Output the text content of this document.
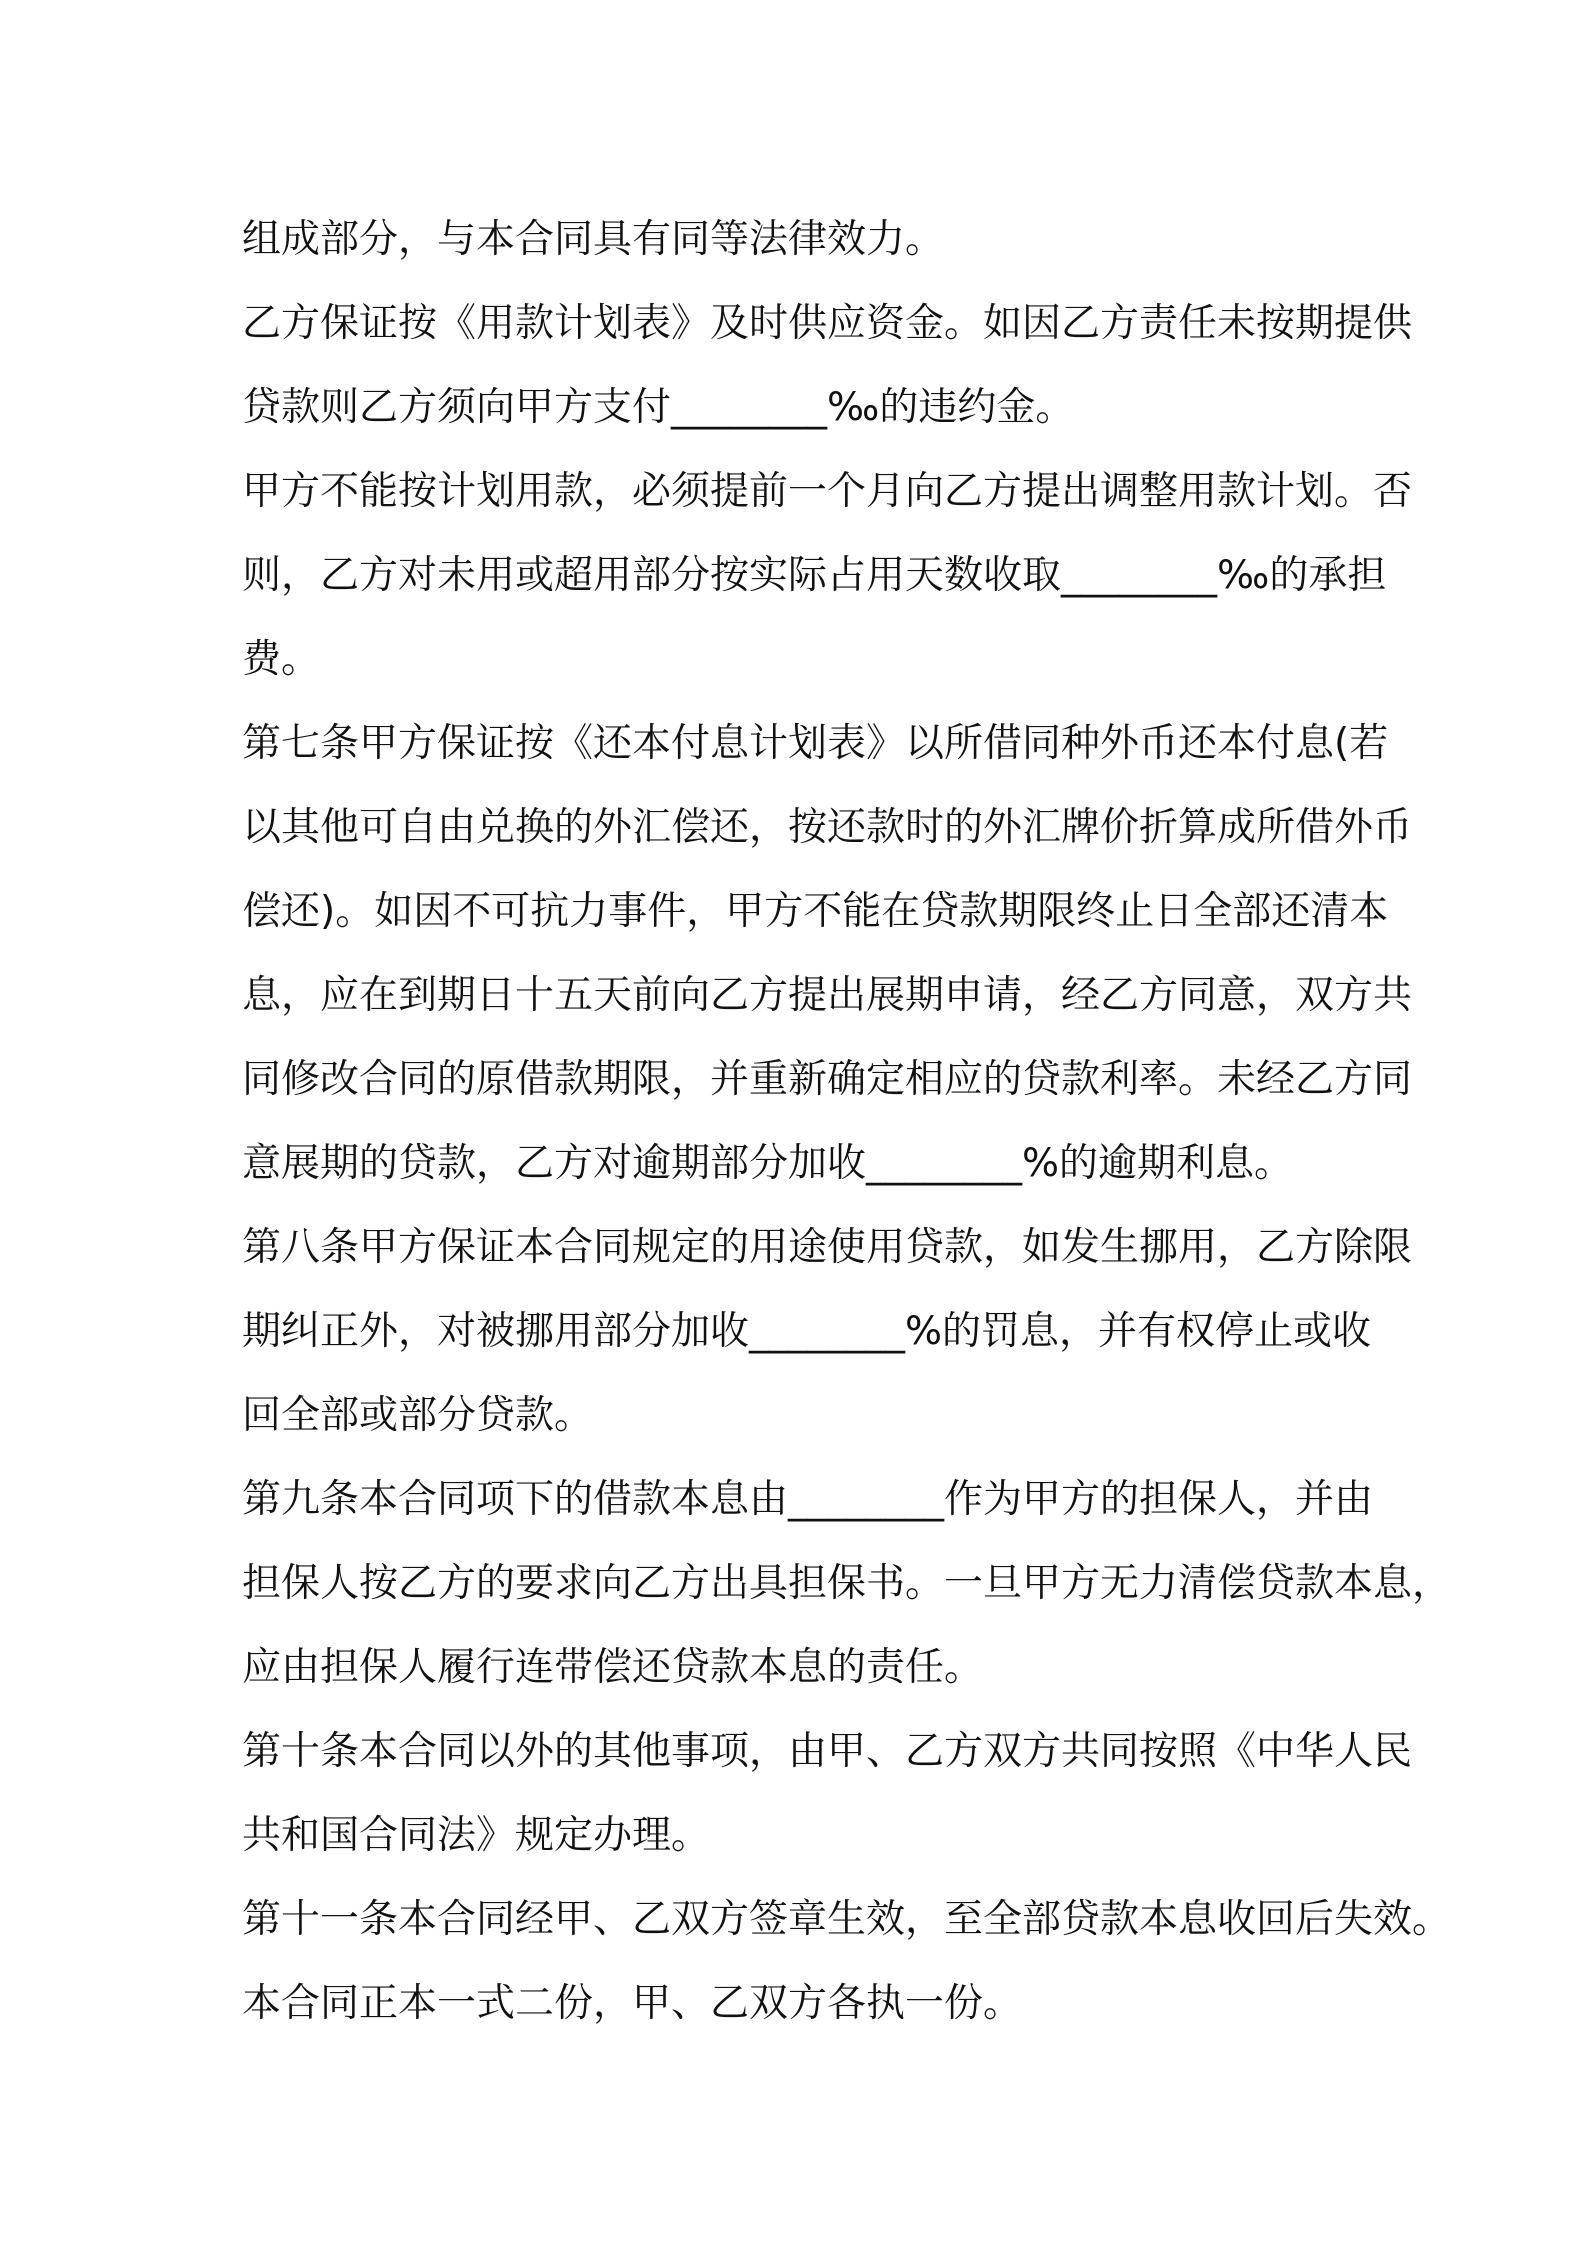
组成部分，与本合同具有同等法律效力。

乙方保证按《用款计划表》及时供应资金。如因乙方责任未按期提供
贷款则乙方须向甲方支付________‰的违约金。

甲方不能按计划用款，必须提前一个月向乙方提出调整用款计划。否
则，乙方对未用或超用部分按实际占用天数收取________‰的承担
费。

第七条甲方保证按《还本付息计划表》以所借同种外币还本付息(若
以其他可自由兑换的外汇偿还，按还款时的外汇牌价折算成所借外币
偿还)。如因不可抗力事件，甲方不能在贷款期限终止日全部还清本
息，应在到期日十五天前向乙方提出展期申请，经乙方同意，双方共
同修改合同的原借款期限，并重新确定相应的贷款利率。未经乙方同
意展期的贷款，乙方对逾期部分加收________%的逾期利息。

第八条甲方保证本合同规定的用途使用贷款，如发生挪用，乙方除限
期纠正外，对被挪用部分加收________%的罚息，并有权停止或收
回全部或部分贷款。

第九条本合同项下的借款本息由________作为甲方的担保人，并由
担保人按乙方的要求向乙方出具担保书。一旦甲方无力清偿贷款本息，
应由担保人履行连带偿还贷款本息的责任。

第十条本合同以外的其他事项，由甲、乙方双方共同按照《中华人民
共和国合同法》规定办理。

第十一条本合同经甲、乙双方签章生效，至全部贷款本息收回后失效。

本合同正本一式二份，甲、乙双方各执一份。
